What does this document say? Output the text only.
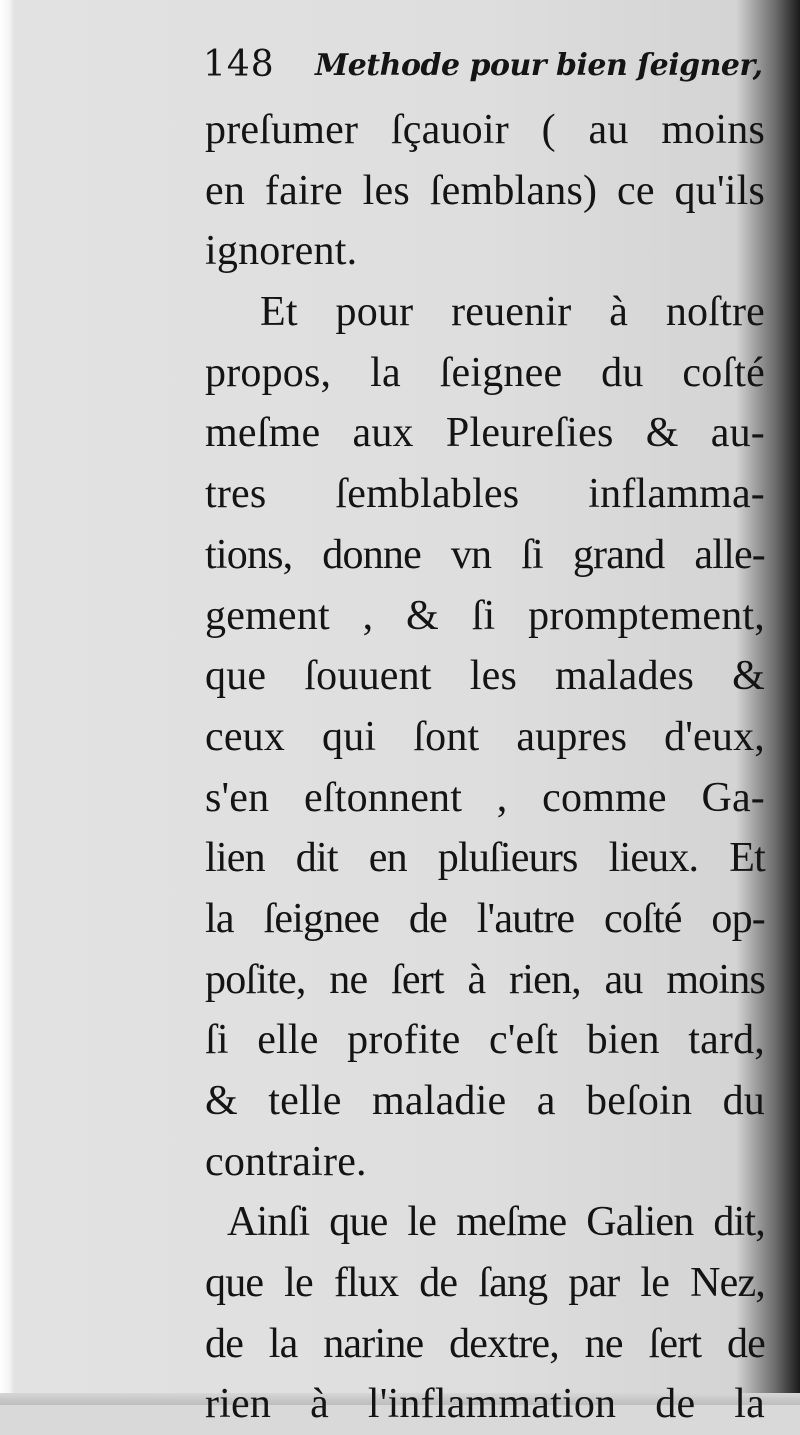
148 Methode pour bien ſeigner,
preſumer ſçauoir ( au moins
en faire les ſemblans) ce qu'ils
ignorent.
Et pour reuenir à noſtre
propos, la ſeignee du coſté
meſme aux Pleureſies & au-
tres ſemblables inflamma-
tions, donne vn ſi grand alle-
gement , & ſi promptement,
que ſouuent les malades &
ceux qui ſont aupres d'eux,
s'en eſtonnent , comme Ga-
lien dit en pluſieurs lieux. Et
la ſeignee de l'autre coſté op-
poſite, ne ſert à rien, au moins
ſi elle profite c'eſt bien tard,
& telle maladie a beſoin du
contraire.
Ainſi que le meſme Galien dit,
que le flux de ſang par le Nez,
de la narine dextre, ne ſert de
rien à l'inflammation de la
